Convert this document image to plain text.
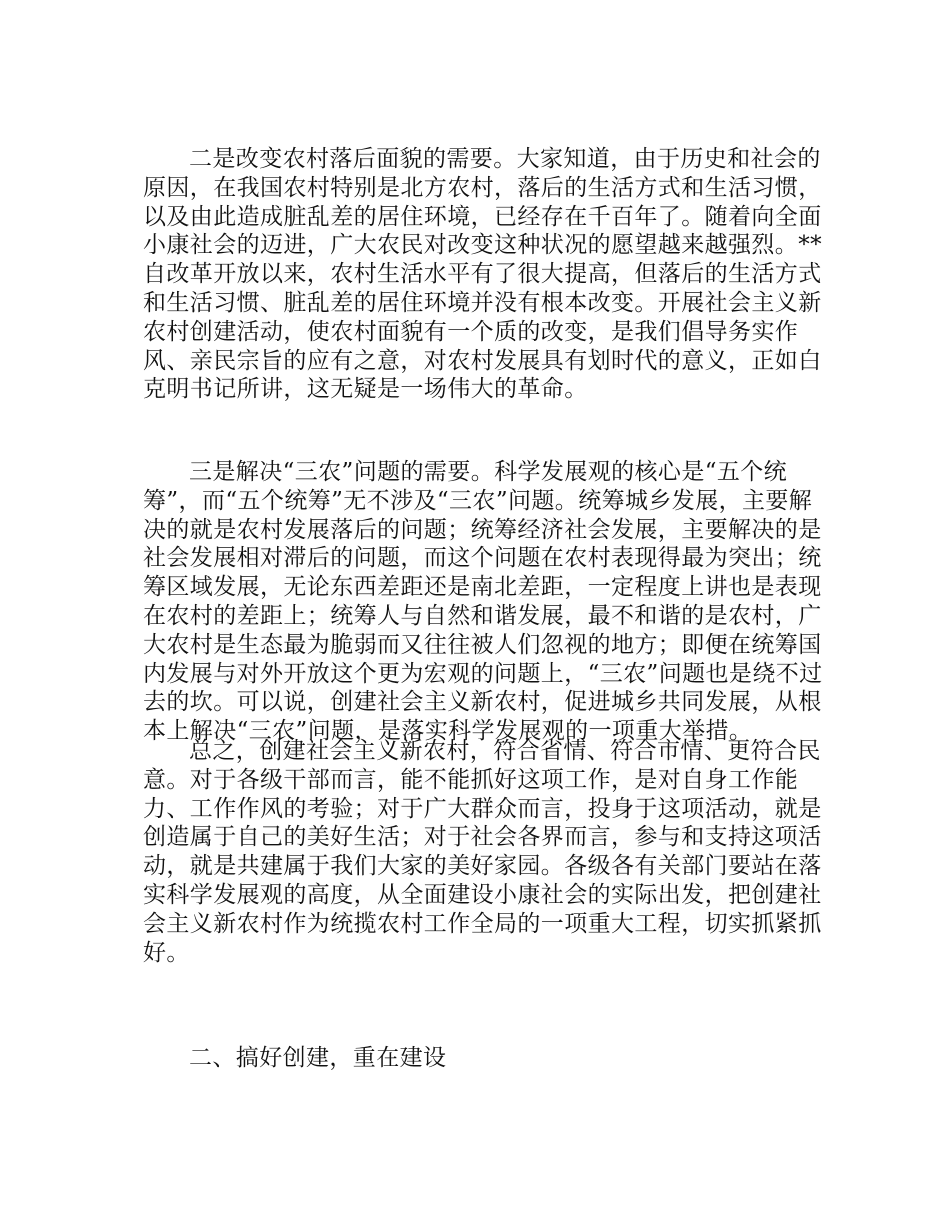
二是改变农村落后面貌的需要。大家知道，由于历史和社会的原因，在我国农村特别是北方农村，落后的生活方式和生活习惯，以及由此造成脏乱差的居住环境，已经存在千百年了。随着向全面小康社会的迈进，广大农民对改变这种状况的愿望越来越强烈。**自改革开放以来，农村生活水平有了很大提高，但落后的生活方式和生活习惯、脏乱差的居住环境并没有根本改变。开展社会主义新农村创建活动，使农村面貌有一个质的改变，是我们倡导务实作风、亲民宗旨的应有之意，对农村发展具有划时代的意义，正如白克明书记所讲，这无疑是一场伟大的革命。

三是解决“三农”问题的需要。科学发展观的核心是“五个统筹”，而“五个统筹”无不涉及“三农”问题。统筹城乡发展，主要解决的就是农村发展落后的问题；统筹经济社会发展，主要解决的是社会发展相对滞后的问题，而这个问题在农村表现得最为突出；统筹区域发展，无论东西差距还是南北差距，一定程度上讲也是表现在农村的差距上；统筹人与自然和谐发展，最不和谐的是农村，广大农村是生态最为脆弱而又往往被人们忽视的地方；即便在统筹国内发展与对外开放这个更为宏观的问题上，“三农”问题也是绕不过去的坎。可以说，创建社会主义新农村，促进城乡共同发展，从根本上解决“三农”问题，是落实科学发展观的一项重大举措。

总之，创建社会主义新农村，符合省情、符合市情、更符合民意。对于各级干部而言，能不能抓好这项工作，是对自身工作能力、工作作风的考验；对于广大群众而言，投身于这项活动，就是创造属于自己的美好生活；对于社会各界而言，参与和支持这项活动，就是共建属于我们大家的美好家园。各级各有关部门要站在落实科学发展观的高度，从全面建设小康社会的实际出发，把创建社会主义新农村作为统揽农村工作全局的一项重大工程，切实抓紧抓好。

二、搞好创建，重在建设
